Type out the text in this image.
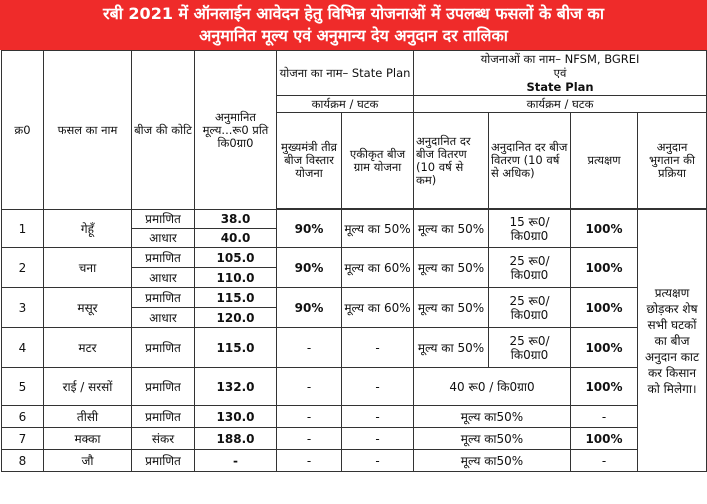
रबी 2021 में ऑनलाईन आवेदन हेतु विभिन्न योजनाओं में उपलब्ध फसलों के बीज का
अनुमानित मूल्य एवं अनुमान्य देय अनुदान दर तालिका
क्र0	फसल का नाम	बीज की कोटि	अनुमानित मूल्य...रू0 प्रति कि0ग्रा0	योजना का नाम– State Plan		योजनाओं का नाम– NFSM, BGREI
एवं
State Plan			

				कार्यक्रम / घटक		कार्यक्रम / घटक			
				मुख्यमंत्री तीव्र बीज विस्तार योजना	एकीकृत बीज ग्राम योजना	अनुदानित दर बीज वितरण (10 वर्ष से कम)	अनुदानित दर बीज वितरण (10 वर्ष से अधिक)	प्रत्यक्षण	अनुदान भुगतान की प्रक्रिया

1	गेहूँ	प्रमाणित	38.0	90%	मूल्य का 50%	मूल्य का 50%	15 रू0/ कि0ग्रा0	100%	प्रत्यक्षण छोड़कर शेष सभी घटकों का बीज अनुदान काट कर किसान को मिलेगा।
		आधार	40.0						
2	चना	प्रमाणित	105.0	90%	मूल्य का 60%	मूल्य का 50%	25 रू0/ कि0ग्रा0	100%	
		आधार	110.0						
3	मसूर	प्रमाणित	115.0	90%	मूल्य का 60%	मूल्य का 50%	25 रू0/ कि0ग्रा0	100%	
		आधार	120.0						
4	मटर	प्रमाणित	115.0	-	-	मूल्य का 50%	25 रू0/ कि0ग्रा0	100%	
5	राई / सरसों	प्रमाणित	132.0	-	-	40 रू0 / कि0ग्रा0		100%	
6	तीसी	प्रमाणित	130.0	-	-	मूल्य का50%		-	
7	मक्का	संकर	188.0	-	-	मूल्य का50%		100%	
8	जौ	प्रमाणित	-	-	-	मूल्य का50%		-	
